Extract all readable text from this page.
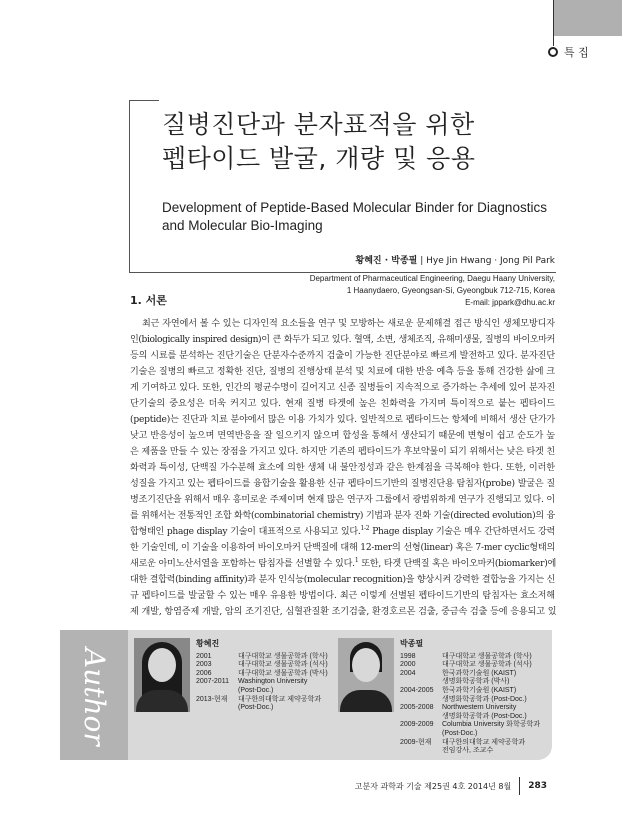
특 집
질병진단과 분자표적을 위한
펩타이드 발굴, 개량 및 응용
Development of Peptide-Based Molecular Binder for Diagnostics
and Molecular Bio-Imaging
황혜진 · 박종필 | Hye Jin Hwang · Jong Pil Park
Department of Pharmaceutical Engineering, Daegu Haany University,
1 Haanydaero, Gyeongsan-Si, Gyeongbuk 712-715, Korea
E-mail: jppark@dhu.ac.kr
1. 서론
최근 자연에서 볼 수 있는 디자인적 요소들을 연구 및 모방하는 새로운 문제해결 접근 방식인 생체모방디자
인(biologically inspired design)이 큰 화두가 되고 있다. 혈액, 소변, 생체조직, 유해미생물, 질병의 바이오마커
등의 시료를 분석하는 진단기술은 단분자수준까지 검출이 가능한 진단분야로 빠르게 발전하고 있다. 분자진단
기술은 질병의 빠르고 정확한 진단, 질병의 진행상태 분석 및 치료에 대한 반응 예측 등을 통해 건강한 삶에 크
게 기여하고 있다. 또한, 인간의 평균수명이 길어지고 신종 질병들이 지속적으로 증가하는 추세에 있어 분자진
단기술의 중요성은 더욱 커지고 있다. 현재 질병 타겟에 높은 친화력을 가지며 특이적으로 붙는 펩타이드
(peptide)는 진단과 치료 분야에서 많은 이용 가치가 있다. 일반적으로 펩타이드는 항체에 비해서 생산 단가가
낮고 반응성이 높으며 면역반응을 잘 일으키지 않으며 합성을 통해서 생산되기 때문에 변형이 쉽고 순도가 높
은 제품을 만들 수 있는 장점을 가지고 있다. 하지만 기존의 펩타이드가 후보약물이 되기 위해서는 낮은 타겟 친
화력과 특이성, 단백질 가수분해 효소에 의한 생체 내 불안정성과 같은 한계점을 극복해야 한다. 또한, 이러한
성질을 가지고 있는 펩타이드를 융합기술을 활용한 신규 펩타이드기반의 질병진단용 탐침자(probe) 발굴은 질
병조기진단을 위해서 매우 흥미로운 주제이며 현재 많은 연구자 그룹에서 광범위하게 연구가 진행되고 있다. 이
를 위해서는 전통적인 조합 화학(combinatorial chemistry) 기법과 분자 진화 기술(directed evolution)의 융
합형태인 phage display 기술이 대표적으로 사용되고 있다.$^{1-2}$ Phage display 기술은 매우 간단하면서도 강력
한 기술인데, 이 기술을 이용하여 바이오마커 단백질에 대해 12-mer의 선형(linear) 혹은 7-mer cyclic형태의
새로운 아미노산서열을 포함하는 탐침자를 선별할 수 있다.$^1$ 또한, 타겟 단백질 혹은 바이오마커(biomarker)에
대한 결합력(binding affinity)과 분자 인식능(molecular recognition)을 향상시켜 강력한 결합능을 가지는 신
규 펩타이드를 발굴할 수 있는 매우 유용한 방법이다. 최근 이렇게 선별된 펩타이드기반의 탐침자는 효소저해
제 개발, 항염증제 개발, 암의 조기진단, 심혈관질환 조기검출, 환경호르몬 검출, 중금속 검출 등에 응용되고 있
Author
황혜진
2001	대구대학교 생물공학과 (학사)
2003	대구대학교 생물공학과 (석사)
2006	대구대학교 생물공학과 (박사)
2007-2011	Washington University
(Post-Doc.)
2013-현재	대구한의대학교 제약공학과
(Post-Doc.)
박종필
1998	대구대학교 생물공학과 (학사)
2000	대구대학교 생물공학과 (석사)
2004	한국과학기술원 (KAIST)
생명화학공학과 (박사)
2004-2005	한국과학기술원 (KAIST)
생명화학공학과 (Post-Doc.)
2005-2008	Northwestern University
생명화학공학과 (Post-Doc.)
2009-2009	Columbia University 화학공학과
(Post-Doc.)
2009-현재	대구한의대학교 제약공학과
전임강사, 조교수
고분자 과학과 기술 제25권 4호 2014년 8월 283
